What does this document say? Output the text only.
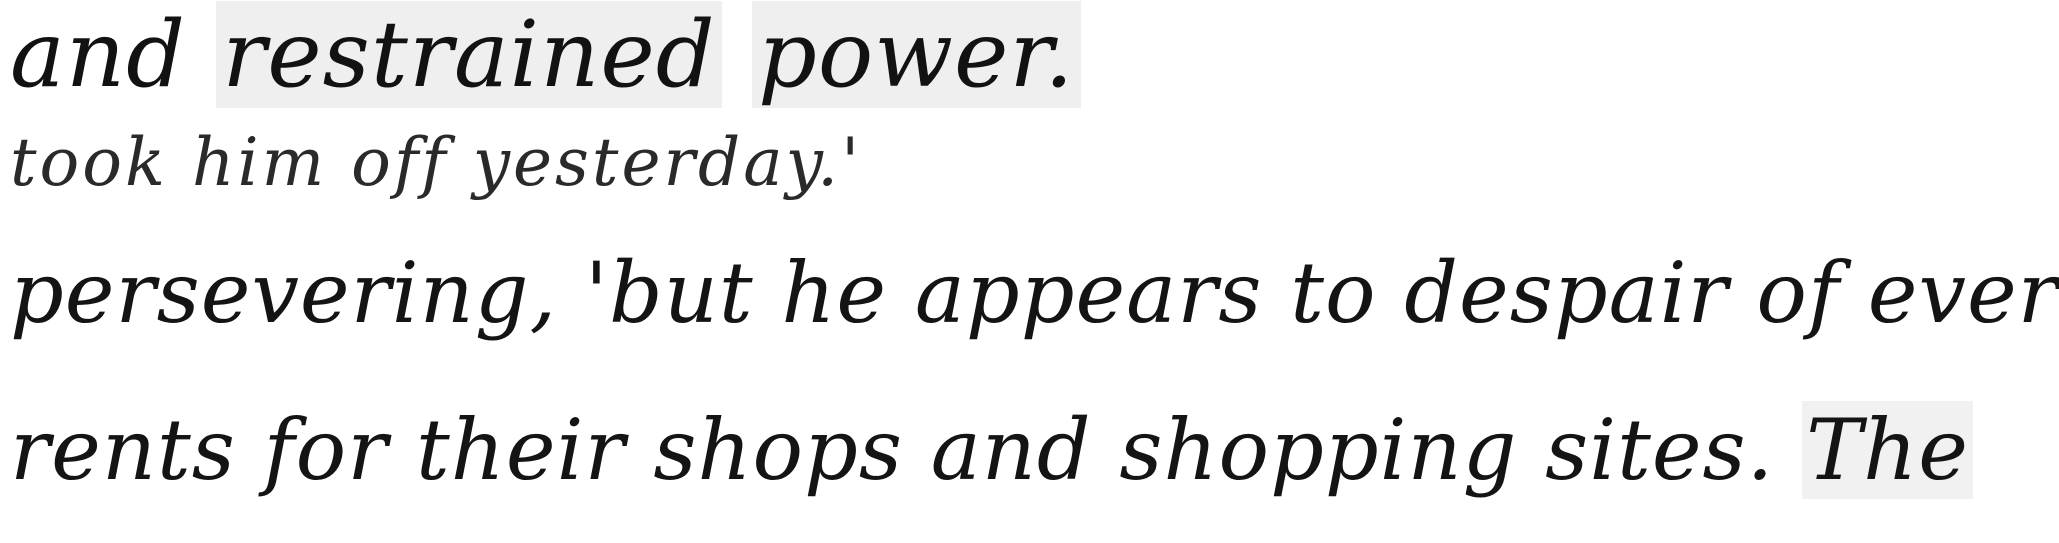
and restrained power.
took him off yesterday.'
persevering, 'but he appears to despair of ever
rents for their shops and shopping sites. The
